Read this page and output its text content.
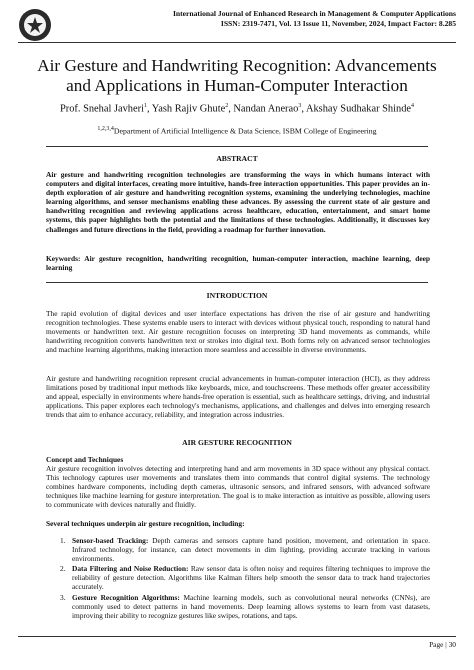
International Journal of Enhanced Research in Management & Computer Applications
ISSN: 2319-7471, Vol. 13 Issue 11, November, 2024, Impact Factor: 8.285
Air Gesture and Handwriting Recognition: Advancements and Applications in Human-Computer Interaction
Prof. Snehal Javheri$^1$, Yash Rajiv Ghute$^2$, Nandan Anerao$^3$, Akshay Sudhakar Shinde$^4$
$^{1,2,3,4}$Department of Artificial Intelligence & Data Science, ISBM College of Engineering
ABSTRACT

Air gesture and handwriting recognition technologies are transforming the ways in which humans interact with computers and digital interfaces, creating more intuitive, hands-free interaction opportunities. This paper provides an in-depth exploration of air gesture and handwriting recognition systems, examining the underlying technologies, machine learning algorithms, and sensor mechanisms enabling these advances. By assessing the current state of air gesture and handwriting recognition and reviewing applications across healthcare, education, entertainment, and smart home systems, this paper highlights both the potential and the limitations of these technologies. Additionally, it discusses key challenges and future directions in the field, providing a roadmap for further innovation.

Keywords: Air gesture recognition, handwriting recognition, human-computer interaction, machine learning, deep learning

INTRODUCTION

The rapid evolution of digital devices and user interface expectations has driven the rise of air gesture and handwriting recognition technologies. These systems enable users to interact with devices without physical touch, responding to natural hand movements or handwritten text. Air gesture recognition focuses on interpreting 3D hand movements as commands, while handwriting recognition converts handwritten text or strokes into digital text. Both forms rely on advanced sensor technologies and machine learning algorithms, making interaction more seamless and accessible in diverse environments.

Air gesture and handwriting recognition represent crucial advancements in human-computer interaction (HCI), as they address limitations posed by traditional input methods like keyboards, mice, and touchscreens. These methods offer greater accessibility and appeal, especially in environments where hands-free operation is essential, such as healthcare settings, driving, and industrial applications. This paper explores each technology's mechanisms, applications, and challenges and delves into emerging research trends that aim to enhance accuracy, reliability, and integration across industries.

AIR GESTURE RECOGNITION
Concept and Techniques

Air gesture recognition involves detecting and interpreting hand and arm movements in 3D space without any physical contact. This technology captures user movements and translates them into commands that control digital systems. The technology combines hardware components, including depth cameras, ultrasonic sensors, and infrared sensors, with advanced software techniques like machine learning for gesture interpretation. The goal is to make interaction as intuitive as possible, allowing users to communicate with devices naturally and fluidly.

Several techniques underpin air gesture recognition, including:
1. Sensor-based Tracking: Depth cameras and sensors capture hand position, movement, and orientation in space. Infrared technology, for instance, can detect movements in dim lighting, providing accurate tracking in various environments.
2. Data Filtering and Noise Reduction: Raw sensor data is often noisy and requires filtering techniques to improve the reliability of gesture detection. Algorithms like Kalman filters help smooth the sensor data to track hand trajectories accurately.
3. Gesture Recognition Algorithms: Machine learning models, such as convolutional neural networks (CNNs), are commonly used to detect patterns in hand movements. Deep learning allows systems to learn from vast datasets, improving their ability to recognize gestures like swipes, rotations, and taps.
Page | 30
